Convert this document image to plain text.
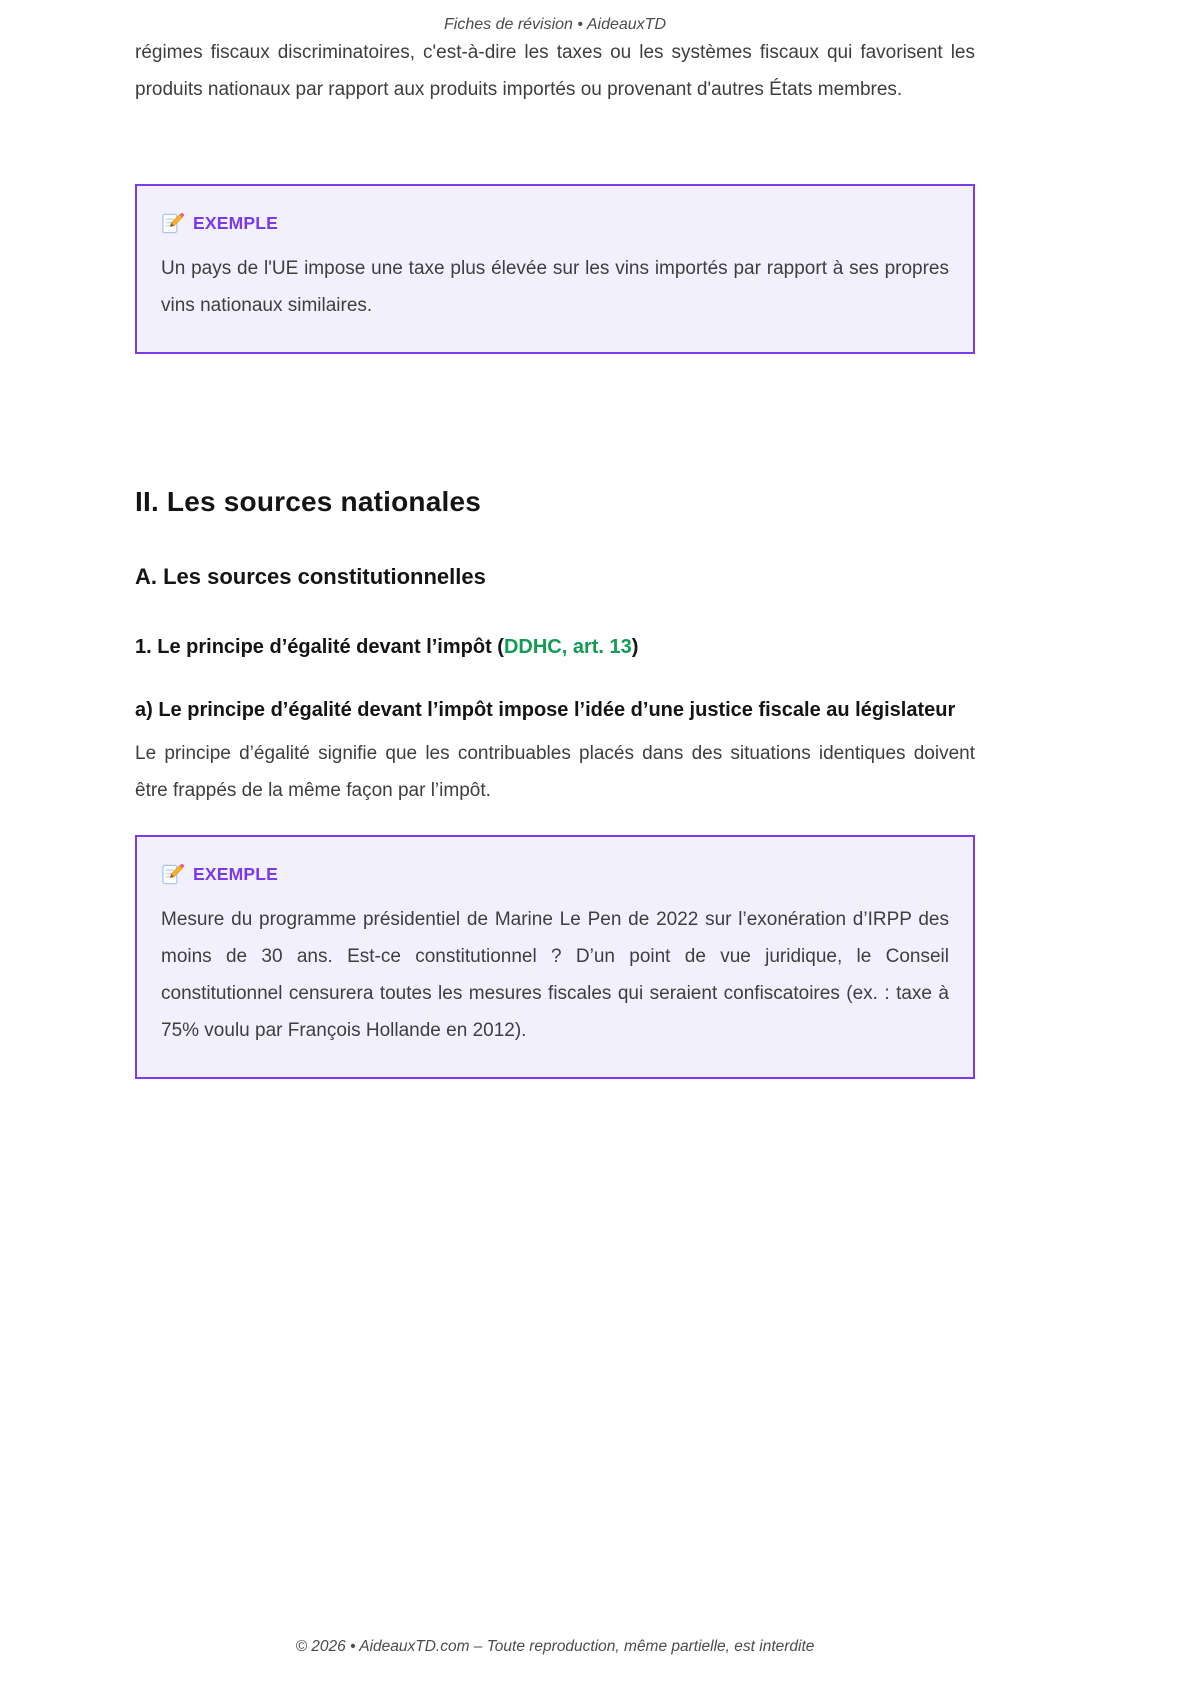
Fiches de révision • AideauxTD

régimes fiscaux discriminatoires, c'est-à-dire les taxes ou les systèmes fiscaux qui favorisent les produits nationaux par rapport aux produits importés ou provenant d'autres États membres.

EXEMPLE

Un pays de l'UE impose une taxe plus élevée sur les vins importés par rapport à ses propres vins nationaux similaires.

II. Les sources nationales
A. Les sources constitutionnelles
1. Le principe d’égalité devant l’impôt (DDHC, art. 13)
a) Le principe d’égalité devant l’impôt impose l’idée d’une justice fiscale au législateur

Le principe d’égalité signifie que les contribuables placés dans des situations identiques doivent être frappés de la même façon par l’impôt.

EXEMPLE

Mesure du programme présidentiel de Marine Le Pen de 2022 sur l’exonération d’IRPP des moins de 30 ans. Est-ce constitutionnel ? D’un point de vue juridique, le Conseil constitutionnel censurera toutes les mesures fiscales qui seraient confiscatoires (ex. : taxe à 75% voulu par François Hollande en 2012).

© 2026 • AideauxTD.com – Toute reproduction, même partielle, est interdite
